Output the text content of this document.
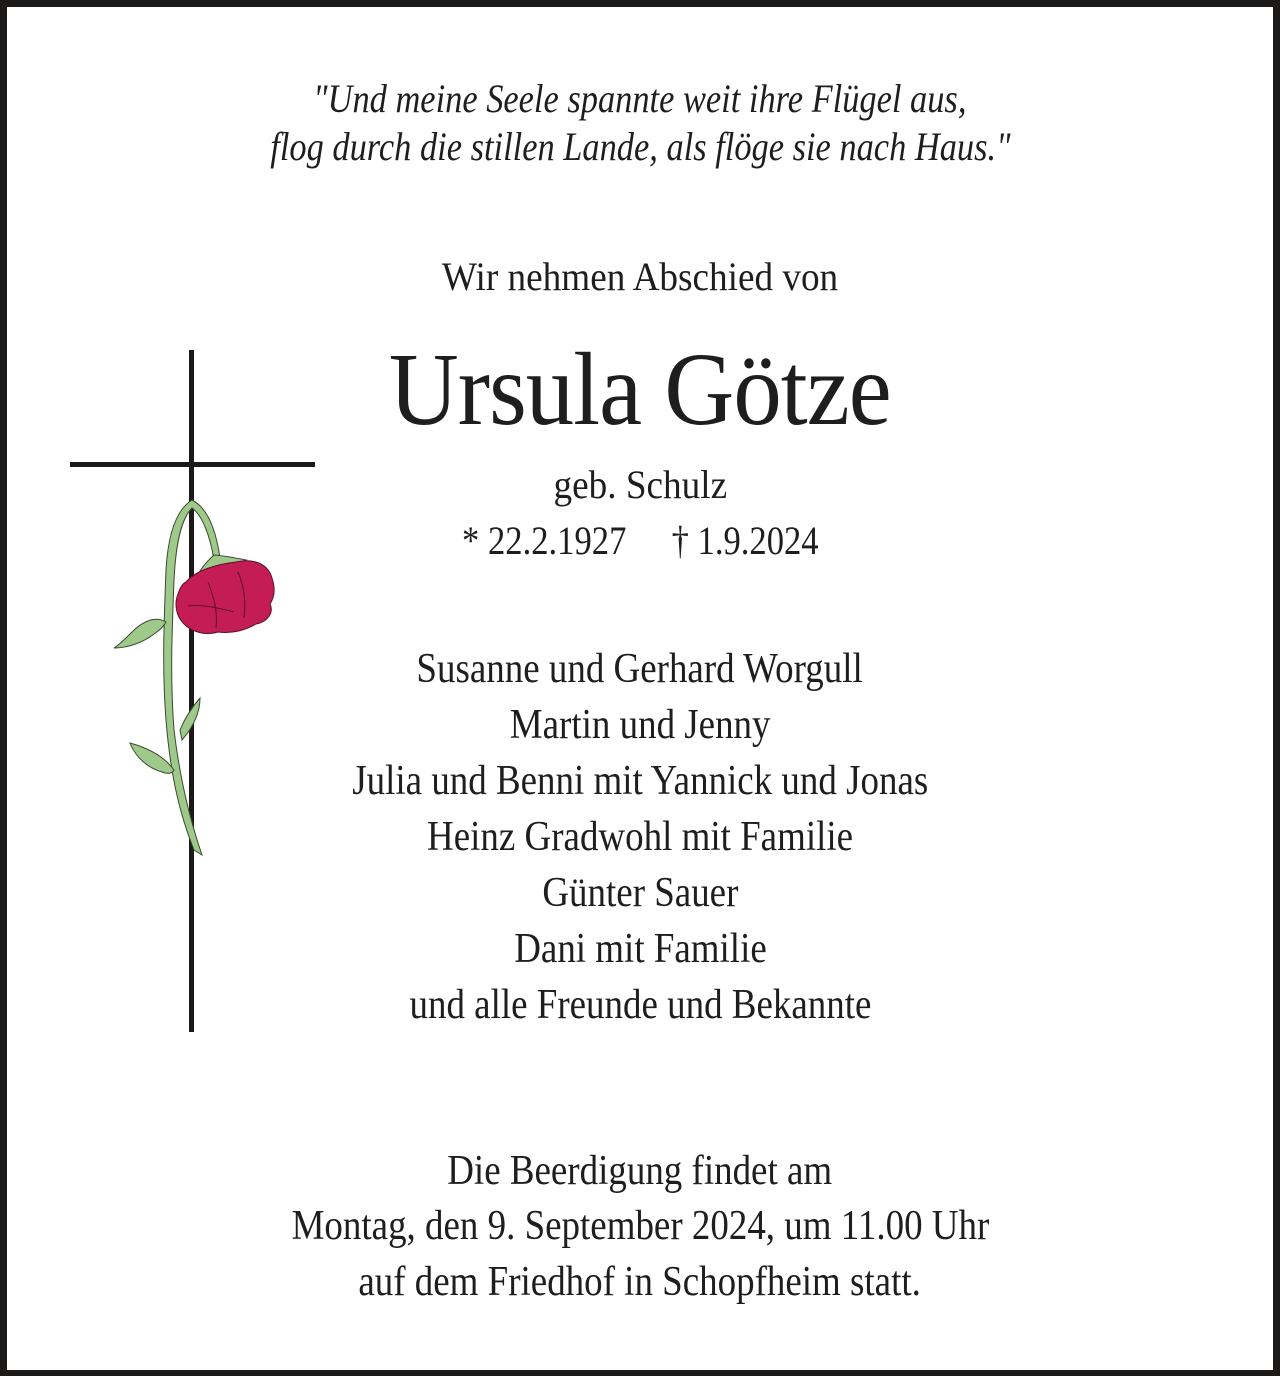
"Und meine Seele spannte weit ihre Flügel aus,
flog durch die stillen Lande, als flöge sie nach Haus."
Wir nehmen Abschied von
Ursula Götze
geb. Schulz
* 22.2.1927 † 1.9.2024
Susanne und Gerhard Worgull
Martin und Jenny
Julia und Benni mit Yannick und Jonas
Heinz Gradwohl mit Familie
Günter Sauer
Dani mit Familie
und alle Freunde und Bekannte
Die Beerdigung findet am
Montag, den 9. September 2024, um 11.00 Uhr
auf dem Friedhof in Schopfheim statt.
